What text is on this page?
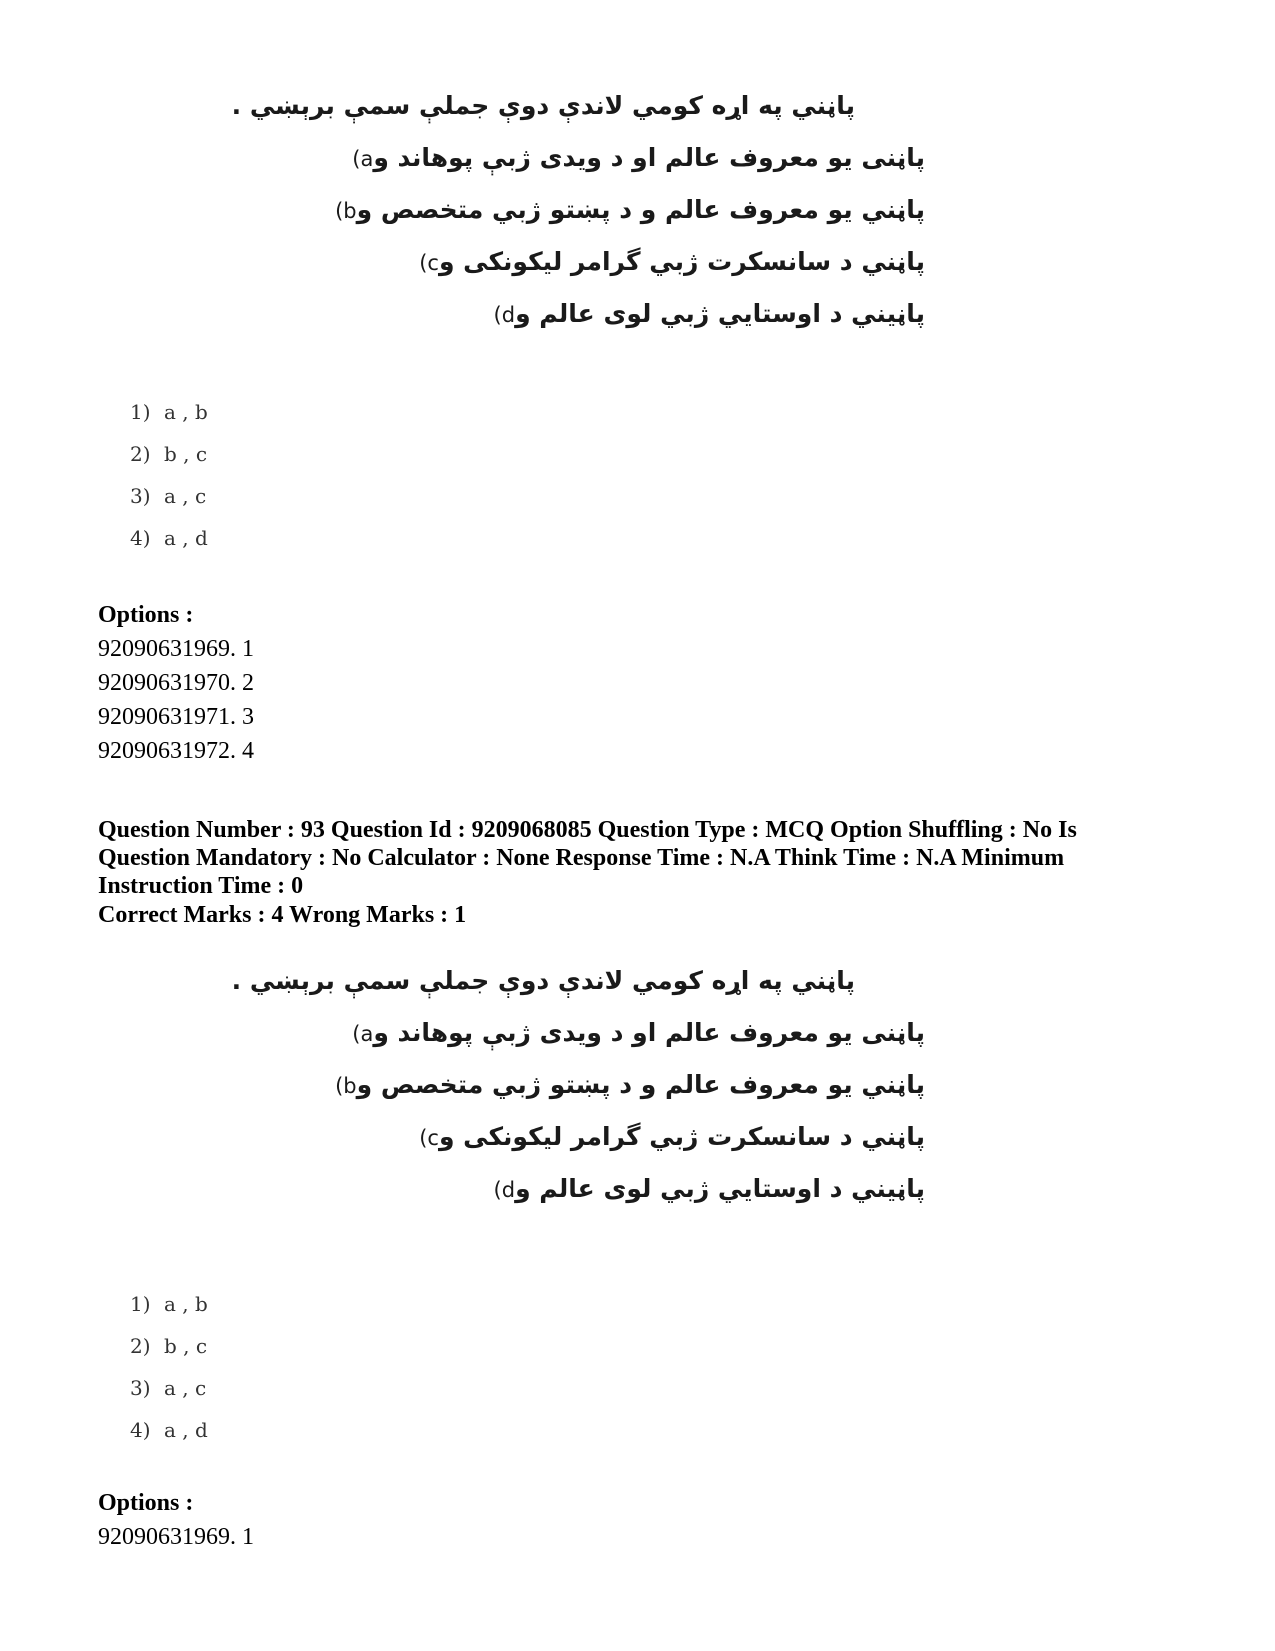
پاڼني په اړه کومي لاندې دوې جملې سمې برېښي .
(aپاڼنی یو معروف عالم او د ويدی ژبې پوهاند و
(bپاڼني يو معروف عالم و د پښتو ژبي متخصص و
(cپاڼني د سانسکرت ژبي گرامر ليکونکی و
(dپاڼيني د اوستايي ژبي لوی عالم و
1) a , b
2) b , c
3) a , c
4) a , d
Options :
92090631969. 1
92090631970. 2
92090631971. 3
92090631972. 4
Question Number : 93 Question Id : 9209068085 Question Type : MCQ Option Shuffling : No Is Question Mandatory : No Calculator : None Response Time : N.A Think Time : N.A Minimum Instruction Time : 0
Correct Marks : 4 Wrong Marks : 1
پاڼني په اړه کومي لاندې دوې جملې سمې برېښي .
(aپاڼنی یو معروف عالم او د ويدی ژبې پوهاند و
(bپاڼني يو معروف عالم و د پښتو ژبي متخصص و
(cپاڼني د سانسکرت ژبي گرامر ليکونکی و
(dپاڼيني د اوستايي ژبي لوی عالم و
1) a , b
2) b , c
3) a , c
4) a , d
Options :
92090631969. 1
